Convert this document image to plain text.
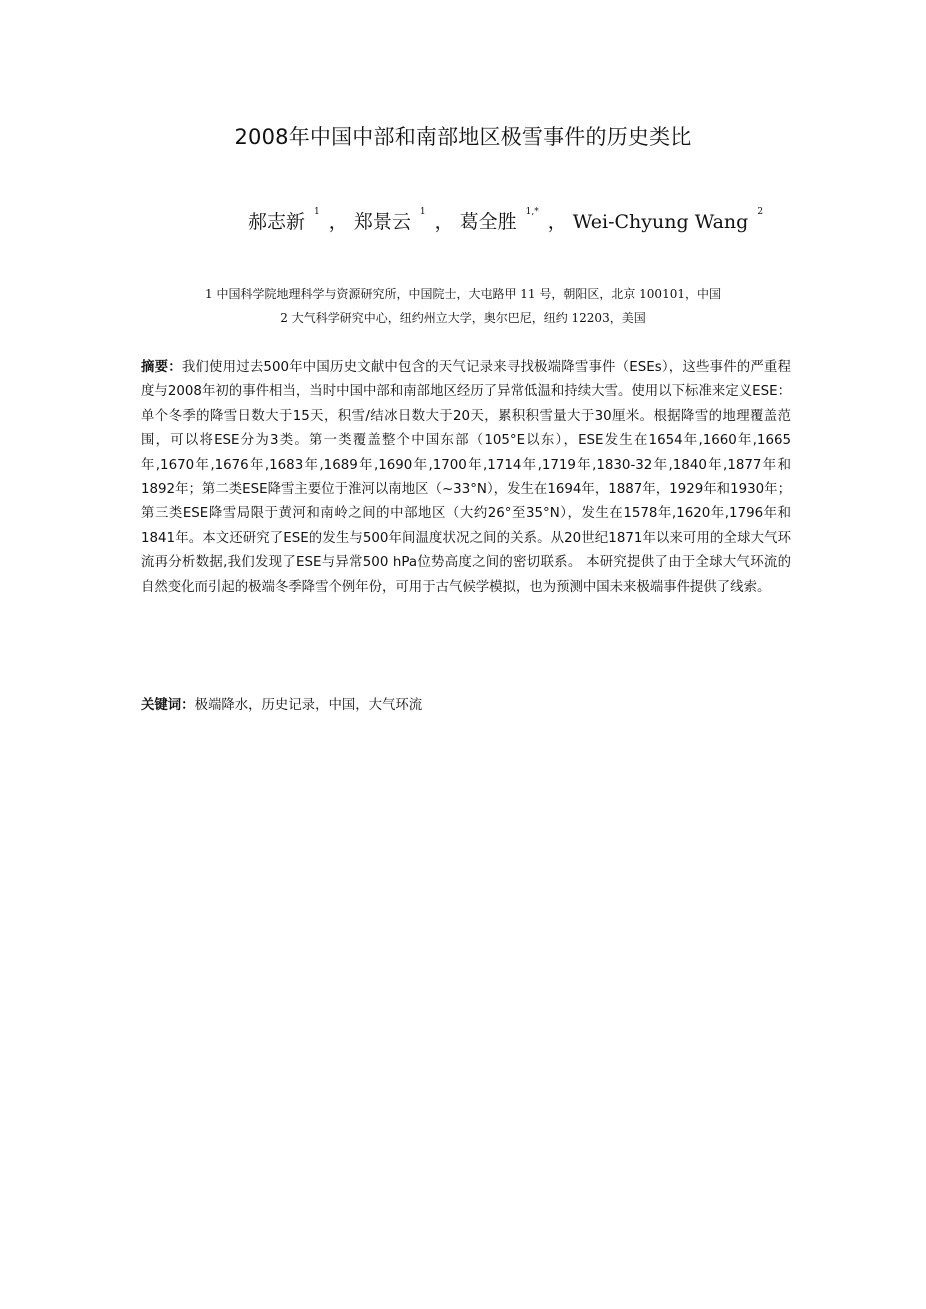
2008年中国中部和南部地区极雪事件的历史类比
郝志新 $^1$ ， 郑景云 $^1$ ， 葛全胜 $^{1,*}$ ， Wei-Chyung Wang $^2$
1 中国科学院地理科学与资源研究所，中国院士，大屯路甲 11 号，朝阳区，北京 100101，中国
2 大气科学研究中心，纽约州立大学，奥尔巴尼，纽约 12203，美国
摘要：我们使用过去500年中国历史文献中包含的天气记录来寻找极端降雪事件（ESEs），这些事件的严重程度与2008年初的事件相当，当时中国中部和南部地区经历了异常低温和持续大雪。使用以下标准来定义ESE：单个冬季的降雪日数大于15天，积雪/结冰日数大于20天，累积积雪量大于30厘米。根据降雪的地理覆盖范围，可以将ESE分为3类。第一类覆盖整个中国东部（105°E以东），ESE发生在1654年,1660年,1665年,1670年,1676年,1683年,1689年,1690年,1700年,1714年,1719年,1830-32年,1840年,1877年和1892年；第二类ESE降雪主要位于淮河以南地区（~33°N），发生在1694年，1887年，1929年和1930年；第三类ESE降雪局限于黄河和南岭之间的中部地区（大约26°至35°N），发生在1578年,1620年,1796年和1841年。本文还研究了ESE的发生与500年间温度状况之间的关系。从20世纪1871年以来可用的全球大气环流再分析数据,我们发现了ESE与异常500 hPa位势高度之间的密切联系。 本研究提供了由于全球大气环流的自然变化而引起的极端冬季降雪个例年份，可用于古气候学模拟，也为预测中国未来极端事件提供了线索。
关键词：极端降水，历史记录，中国，大气环流
